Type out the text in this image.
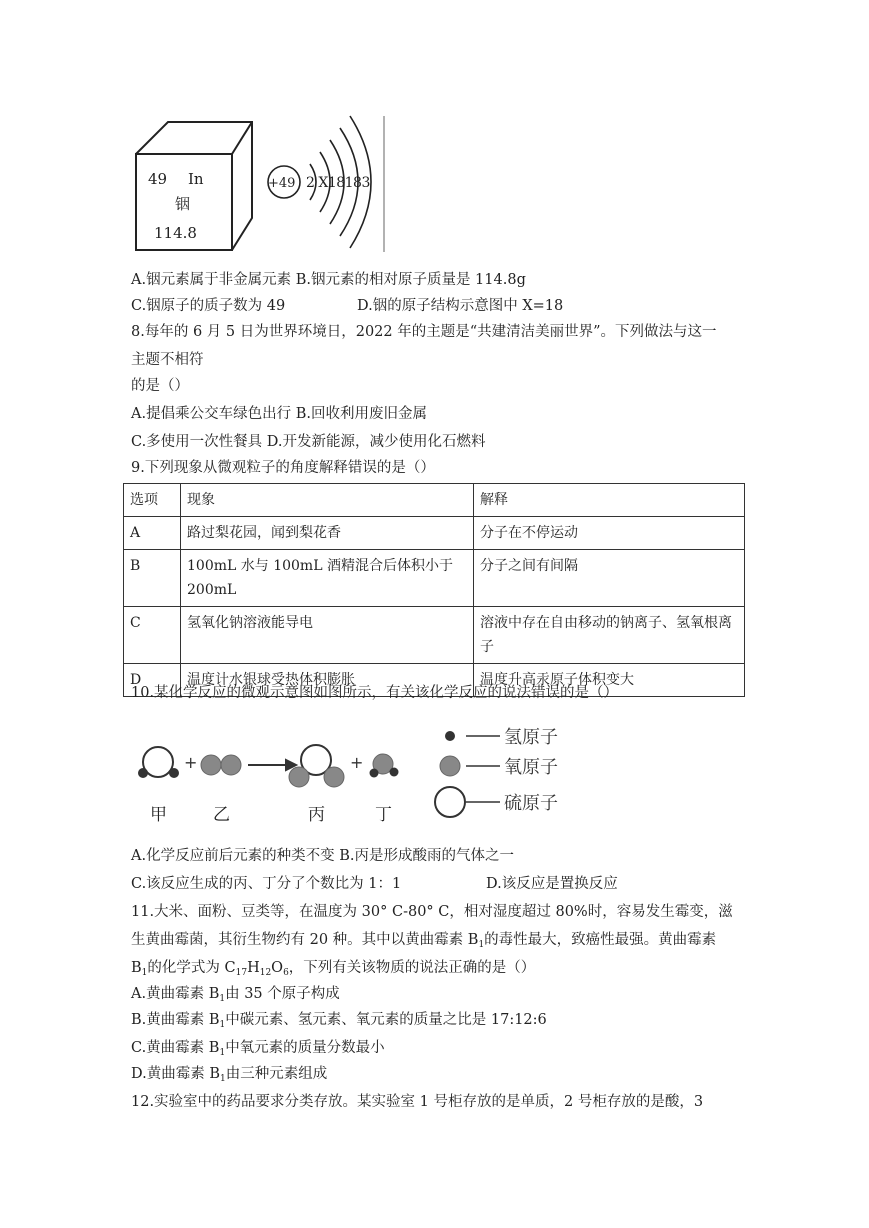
49 In
铟
114.8
+49 2 X18183
A.铟元素属于非金属元素 B.铟元素的相对原子质量是 114.8g
C.铟原子的质子数为 49	D.铟的原子结构示意图中 X=18
8.每年的 6 月 5 日为世界环境日，2022 年的主题是“共建清洁美丽世界”。下列做法与这一
主题不相符
的是（）
A.提倡乘公交车绿色出行 B.回收利用废旧金属
C.多使用一次性餐具 D.开发新能源，减少使用化石燃料
9.下列现象从微观粒子的角度解释错误的是（）
选项	现象	解释
A	路过梨花园，闻到梨花香	分子在不停运动
B	100mL 水与 100mL 酒精混合后体积小于 200mL	分子之间有间隔
C	氢氧化钠溶液能导电	溶液中存在自由移动的钠离子、氢氧根离子
D	温度计水银球受热体积膨胀	温度升高汞原子体积变大
10.某化学反应的微观示意图如图所示，有关该化学反应的说法错误的是（）
+	+
甲	乙	丙	丁
氢原子
氧原子
硫原子
A.化学反应前后元素的种类不变 B.丙是形成酸雨的气体之一
C.该反应生成的丙、丁分了个数比为 1：1	D.该反应是置换反应
11.大米、面粉、豆类等，在温度为 30° C-80° C，相对湿度超过 80%时，容易发生霉变，滋
生黄曲霉菌，其衍生物约有 20 种。其中以黄曲霉素 $B_1$的毒性最大，致癌性最强。黄曲霉素
$B_1$的化学式为 $C_{17}H_{12}O_6$，下列有关该物质的说法正确的是（）
A.黄曲霉素 $B_1$由 35 个原子构成
B.黄曲霉素 $B_1$中碳元素、氢元素、氧元素的质量之比是 17:12:6
C.黄曲霉素 $B_1$中氧元素的质量分数最小
D.黄曲霉素 $B_1$由三种元素组成
12.实验室中的药品要求分类存放。某实验室 1 号柜存放的是单质，2 号柜存放的是酸，3
